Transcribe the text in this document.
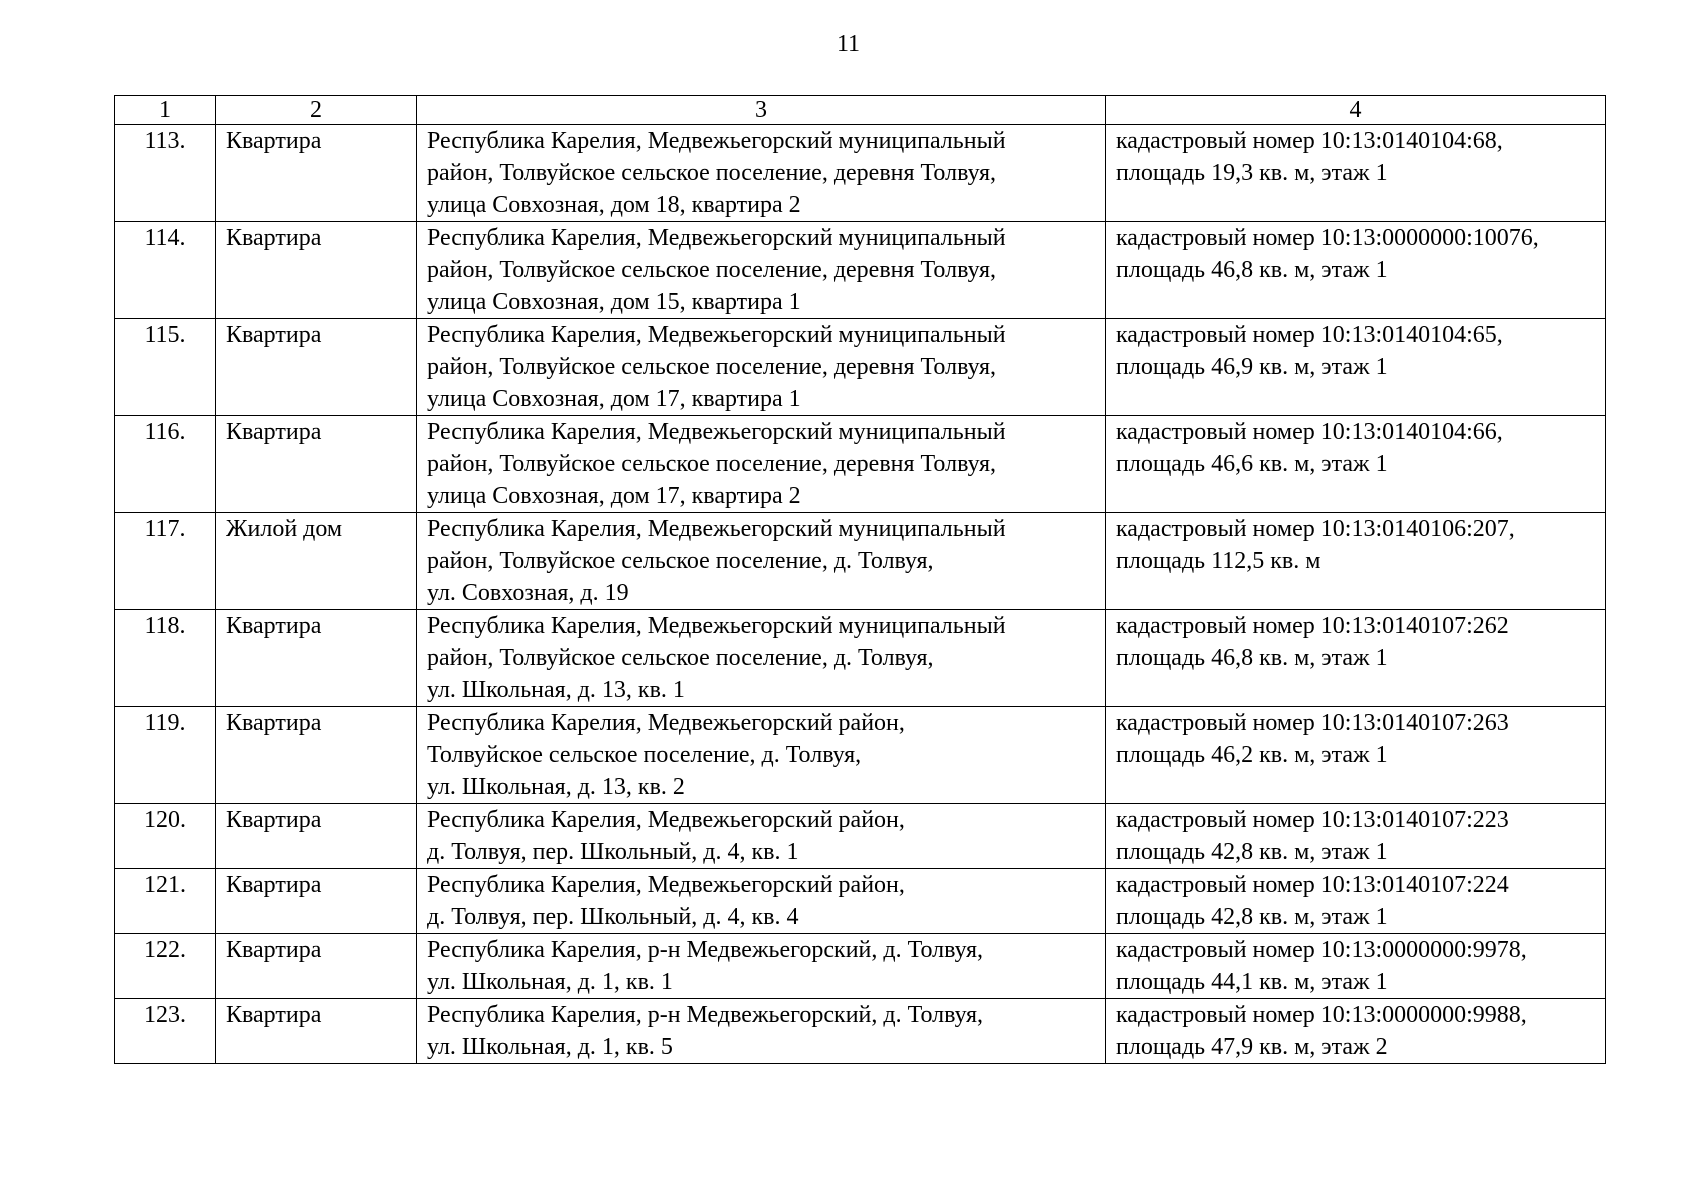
11
1	2	3	4
113.	Квартира	Республика Карелия, Медвежьегорский муниципальный
район, Толвуйское сельское поселение, деревня Толвуя,
улица Совхозная, дом 18, квартира 2	кадастровый номер 10:13:0140104:68,
площадь 19,3 кв. м, этаж 1
114.	Квартира	Республика Карелия, Медвежьегорский муниципальный
район, Толвуйское сельское поселение, деревня Толвуя,
улица Совхозная, дом 15, квартира 1	кадастровый номер 10:13:0000000:10076,
площадь 46,8 кв. м, этаж 1
115.	Квартира	Республика Карелия, Медвежьегорский муниципальный
район, Толвуйское сельское поселение, деревня Толвуя,
улица Совхозная, дом 17, квартира 1	кадастровый номер 10:13:0140104:65,
площадь 46,9 кв. м, этаж 1
116.	Квартира	Республика Карелия, Медвежьегорский муниципальный
район, Толвуйское сельское поселение, деревня Толвуя,
улица Совхозная, дом 17, квартира 2	кадастровый номер 10:13:0140104:66,
площадь 46,6 кв. м, этаж 1
117.	Жилой дом	Республика Карелия, Медвежьегорский муниципальный
район, Толвуйское сельское поселение, д. Толвуя,
ул. Совхозная, д. 19	кадастровый номер 10:13:0140106:207,
площадь 112,5 кв. м
118.	Квартира	Республика Карелия, Медвежьегорский муниципальный
район, Толвуйское сельское поселение, д. Толвуя,
ул. Школьная, д. 13, кв. 1	кадастровый номер 10:13:0140107:262
площадь 46,8 кв. м, этаж 1
119.	Квартира	Республика Карелия, Медвежьегорский район,
Толвуйское сельское поселение, д. Толвуя,
ул. Школьная, д. 13, кв. 2	кадастровый номер 10:13:0140107:263
площадь 46,2 кв. м, этаж 1
120.	Квартира	Республика Карелия, Медвежьегорский район,
д. Толвуя, пер. Школьный, д. 4, кв. 1	кадастровый номер 10:13:0140107:223
площадь 42,8 кв. м, этаж 1
121.	Квартира	Республика Карелия, Медвежьегорский район,
д. Толвуя, пер. Школьный, д. 4, кв. 4	кадастровый номер 10:13:0140107:224
площадь 42,8 кв. м, этаж 1
122.	Квартира	Республика Карелия, р-н Медвежьегорский, д. Толвуя,
ул. Школьная, д. 1, кв. 1	кадастровый номер 10:13:0000000:9978,
площадь 44,1 кв. м, этаж 1
123.	Квартира	Республика Карелия, р-н Медвежьегорский, д. Толвуя,
ул. Школьная, д. 1, кв. 5	кадастровый номер 10:13:0000000:9988,
площадь 47,9 кв. м, этаж 2
